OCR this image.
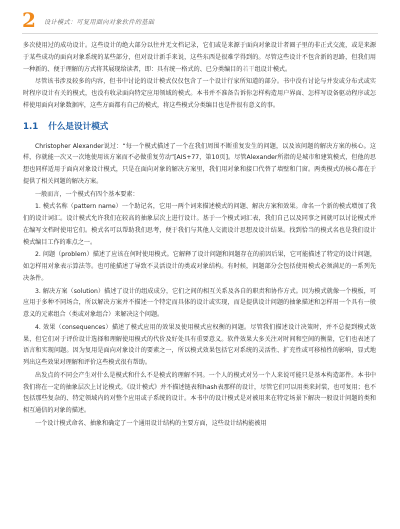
2 设计模式：可复用面向对象软件的基础

多次使用过的成功设计。这些设计的绝大部分以往并无文档记录，它们或是来源于面向对象设计者圈子里的非正式交流，或是来源于某些成功的面向对象系统的某些部分，但对设计新手来说，这些东西是很难学得到的。尽管这些设计不包含新的思路，但我们用一种新的、便于理解的方式将其展现给读者，即：具有统一格式的、已分类编目的若干组设计模式。

尽管该书涉及较多的内容，但书中讨论的设计模式仅仅包含了一个设计行家所知道的部分。书中没有讨论与并发或分布式或实时程序设计有关的模式，也没有收录面向特定应用领域的模式。本书并不准备告诉你怎样构造用户界面、怎样写设备驱动程序或怎样使用面向对象数据库，这些方面都有自己的模式，将这些模式分类编目也是件很有意义的事。

1.1 什么是设计模式

Christopher Alexander说过：“每一个模式描述了一个在我们周围不断重复发生的问题，以及该问题的解决方案的核心。这样，你就能一次又一次地使用该方案而不必做重复劳动”[AIS+77，第10页]。尽管Alexander所指的是城市和建筑模式，但他的思想也同样适用于面向对象设计模式，只是在面向对象的解决方案里，我们用对象和接口代替了墙壁和门窗。两类模式的核心都在于提供了相关问题的解决方案。

一般而言，一个模式有四个基本要素：

1. 模式名称（pattern name）一个助记名，它用一两个词来描述模式的问题、解决方案和效果。命名一个新的模式增加了我们的设计词汇。设计模式允许我们在较高的抽象层次上进行设计。基于一个模式词汇表，我们自己以及同事之间就可以讨论模式并在编写文档时使用它们。模式名可以帮助我们思考，便于我们与其他人交流设计思想及设计结果。找到恰当的模式名也是我们设计模式编目工作的难点之一。

2. 问题（problem）描述了应该在何时使用模式。它解释了设计问题和问题存在的前因后果，它可能描述了特定的设计问题，如怎样用对象表示算法等。也可能描述了导致不灵活设计的类或对象结构。有时候，问题部分会包括使用模式必须满足的一系列先决条件。

3. 解决方案（solution）描述了设计的组成成分，它们之间的相互关系及各自的职责和协作方式。因为模式就像一个模板，可应用于多种不同场合，所以解决方案并不描述一个特定而具体的设计或实现，而是提供设计问题的抽象描述和怎样用一个具有一般意义的元素组合（类或对象组合）来解决这个问题。

4. 效果（consequences）描述了模式应用的效果及使用模式应权衡的问题。尽管我们描述设计决策时，并不总提到模式效果，但它们对于评价设计选择和理解使用模式的代价及好处具有重要意义。软件效果大多关注对时间和空间的衡量，它们也表述了语言和实现问题。因为复用是面向对象设计的要素之一，所以模式效果包括它对系统的灵活性、扩充性或可移植性的影响，显式地列出这些效果对理解和评价这些模式很有帮助。

出发点的不同会产生对什么是模式和什么不是模式的理解不同。一个人的模式对另一个人来说可能只是基本构造部件。本书中我们将在一定的抽象层次上讨论模式。《设计模式》并不描述链表和hash表那样的设计，尽管它们可以用类来封装，也可复用；也不包括那些复杂的、特定领域内的对整个应用或子系统的设计。本书中的设计模式是对被用来在特定场景下解决一般设计问题的类和相互通信的对象的描述。

一个设计模式命名、抽象和确定了一个通用设计结构的主要方面，这些设计结构能被用
